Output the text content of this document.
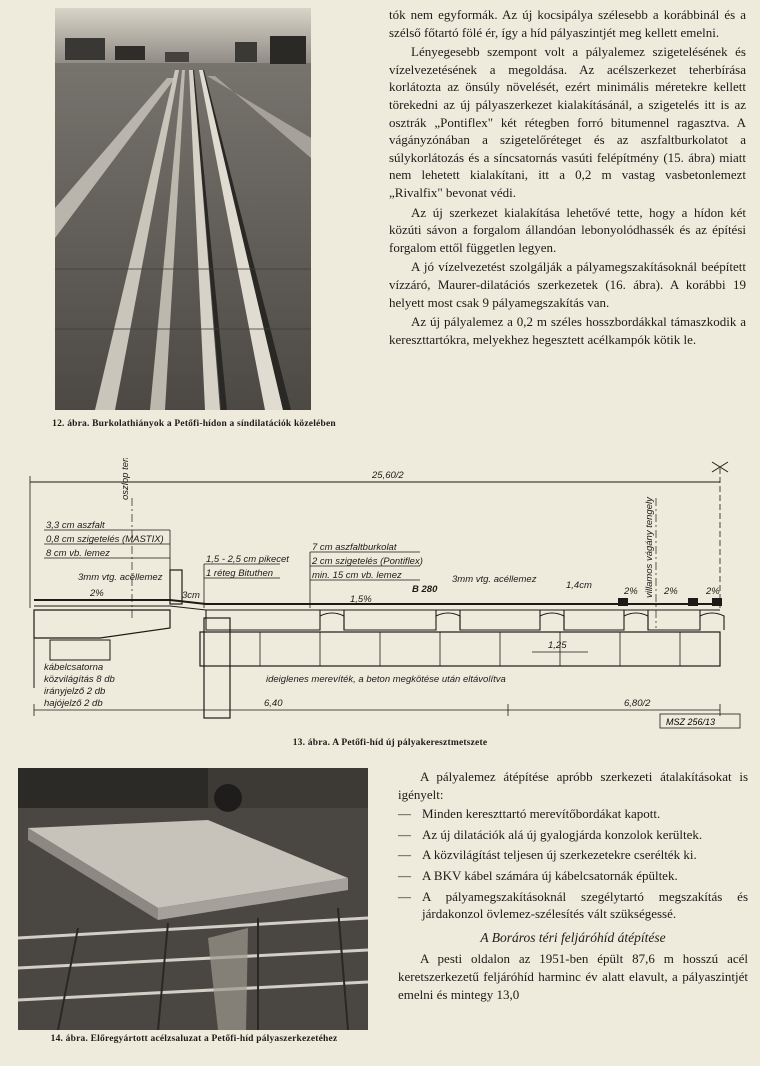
12. ábra. Burkolathiányok a Petőfi-hídon a síndilatációk közelében

tók nem egyformák. Az új kocsipálya szélesebb a korábbinál és a szélső főtartó fölé ér, így a híd pályaszintjét meg kellett emelni.

Lényegesebb szempont volt a pályalemez szigetelésének és vízelvezetésének a megoldása. Az acélszerkezet teherbírása korlátozta az önsúly növelését, ezért minimális méretekre kellett törekedni az új pályaszerkezet kialakításánál, a szigetelés itt is az osztrák „Pontiflex" két rétegben forró bitumennel ragasztva. A vágányzónában a szigetelőréteget és az aszfaltburkolatot a súlykorlátozás és a síncsatornás vasúti felépítmény (15. ábra) miatt nem lehetett kialakítani, itt a 0,2 m vastag vasbetonlemezt „Rivalfix" bevonat védi.

Az új szerkezet kialakítása lehetővé tette, hogy a hídon két közúti sávon a forgalom állandóan lebonyolódhassék és az építési forgalom ettől független legyen.

A jó vízelvezetést szolgálják a pályamegszakításoknál beépített vízzáró, Maurer-dilatációs szerkezetek (16. ábra). A korábbi 19 helyett most csak 9 pályamegszakítás van.

Az új pályalemez a 0,2 m széles hosszbordákkal támaszkodik a kereszttartókra, melyekhez hegesztett acélkampók kötik le.

25,60/2
oszlop tengely
villamos vágány tengely
3,3 cm aszfalt
0,8 cm szigetelés (MASTIX)
8 cm vb. lemez
1,5 - 2,5 cm pikecet
1 réteg Bituthen
7 cm aszfaltburkolat
2 cm szigetelés (Pontiflex)
min. 15 cm vb. lemez
B 280
3mm vtg. acéllemez	3mm vtg. acéllemez
3cm
1,4cm
2%
1,5%
2%	2%	2%
1,25
kábelcsatorna
közvilágítás 8 db
irányjelző 2 db
hajójelző 2 db
ideiglenes merevíték, a beton megkötése után eltávolítva
6,40	6,80/2
MSZ 256/13
13. ábra. A Petőfi-híd új pályakeresztmetszete
14. ábra. Előregyártott acélzsaluzat a Petőfi-híd pályaszerkezetéhez

A pályalemez átépítése apróbb szerkezeti átalakításokat is igényelt:

— Minden kereszttartó merevítőbordákat kapott.
— Az új dilatációk alá új gyalogjárda konzolok kerültek.
— A közvilágítást teljesen új szerkezetekre cserélték ki.
— A BKV kábel számára új kábelcsatornák épültek.
— A pályamegszakításoknál szegélytartó megszakítás és járdakonzol övlemez-szélesítés vált szükségessé.
A Boráros téri feljáróhíd átépítése

A pesti oldalon az 1951-ben épült 87,6 m hosszú acél keretszerkezetű feljáróhíd harminc év alatt elavult, a pályaszintjét emelni és mintegy 13,0
